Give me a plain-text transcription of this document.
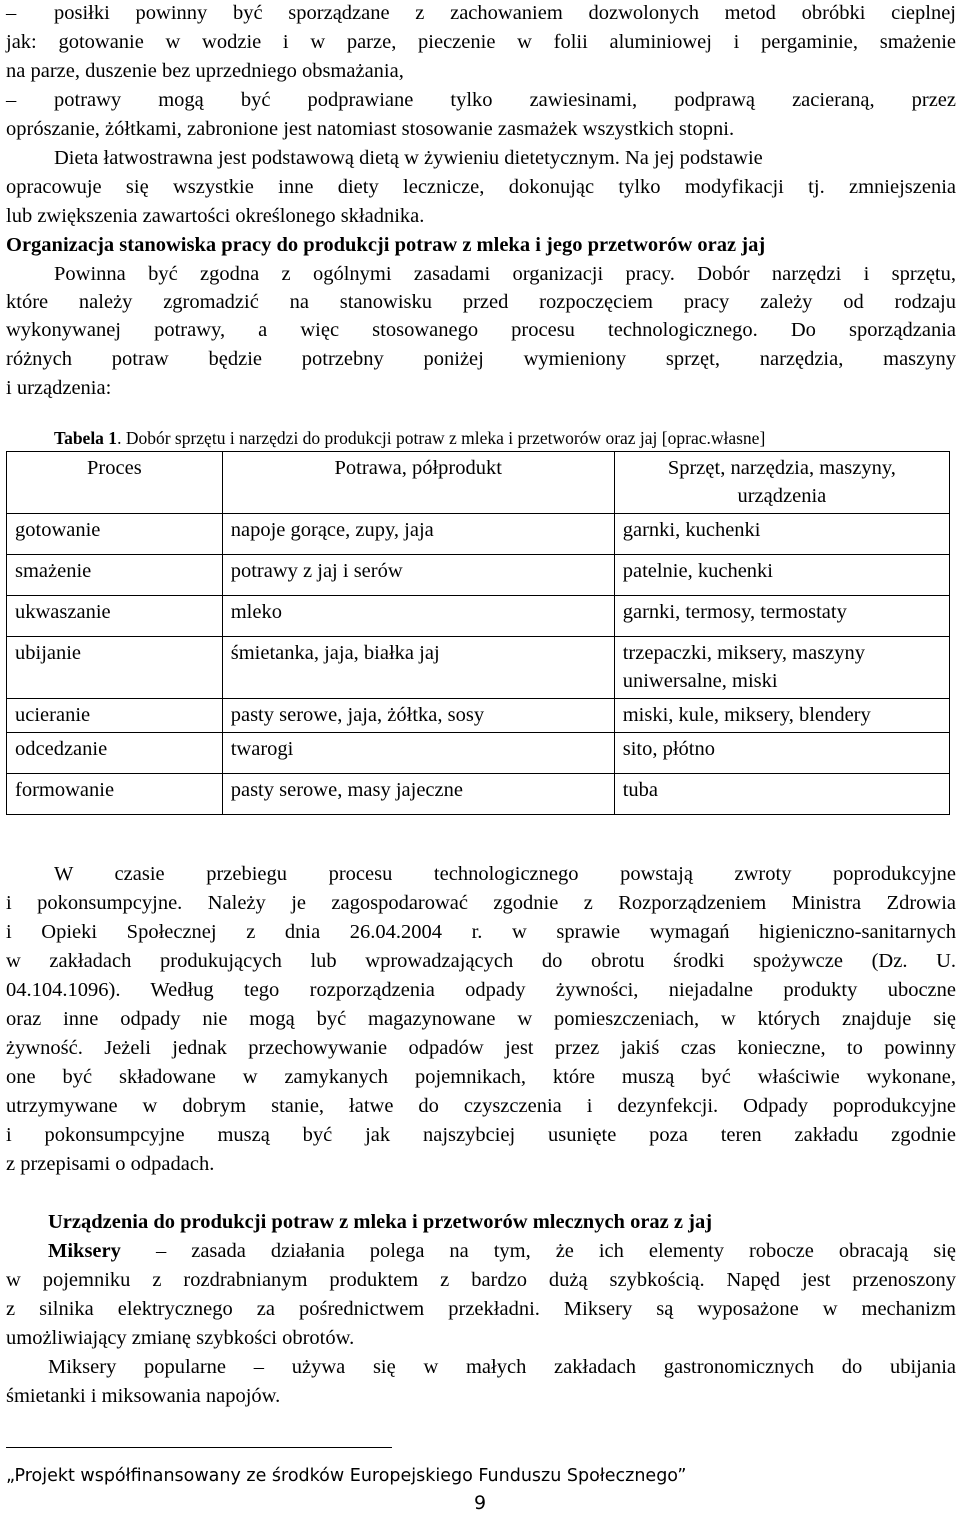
– posiłki powinny być sporządzane z zachowaniem dozwolonych metod obróbki cieplnej
jak: gotowanie w wodzie i w parze, pieczenie w folii aluminiowej i pergaminie, smażenie
na parze, duszenie bez uprzedniego obsmażania,
– potrawy mogą być podprawiane tylko zawiesinami, podprawą zacieraną, przez
oprószanie, żółtkami, zabronione jest natomiast stosowanie zasmażek wszystkich stopni.
Dieta łatwostrawna jest podstawową dietą w żywieniu dietetycznym. Na jej podstawie
opracowuje się wszystkie inne diety lecznicze, dokonując tylko modyfikacji tj. zmniejszenia
lub zwiększenia zawartości określonego składnika.
Organizacja stanowiska pracy do produkcji potraw z mleka i jego przetworów oraz jaj
Powinna być zgodna z ogólnymi zasadami organizacji pracy. Dobór narzędzi i sprzętu,
które należy zgromadzić na stanowisku przed rozpoczęciem pracy zależy od rodzaju
wykonywanej potrawy, a więc stosowanego procesu technologicznego. Do sporządzania
różnych potraw będzie potrzebny poniżej wymieniony sprzęt, narzędzia, maszyny
i urządzenia:
Tabela 1. Dobór sprzętu i narzędzi do produkcji potraw z mleka i przetworów oraz jaj [oprac.własne]
Proces	Potrawa, półprodukt	Sprzęt, narzędzia, maszyny, urządzenia
gotowanie	napoje gorące, zupy, jaja	garnki, kuchenki
smażenie	potrawy z jaj i serów	patelnie, kuchenki
ukwaszanie	mleko	garnki, termosy, termostaty
ubijanie	śmietanka, jaja, białka jaj	trzepaczki, miksery, maszyny uniwersalne, miski
ucieranie	pasty serowe, jaja, żółtka, sosy	miski, kule, miksery, blendery
odcedzanie	twarogi	sito, płótno
formowanie	pasty serowe, masy jajeczne	tuba
W czasie przebiegu procesu technologicznego powstają zwroty poprodukcyjne
i pokonsumpcyjne. Należy je zagospodarować zgodnie z Rozporządzeniem Ministra Zdrowia
i Opieki Społecznej z dnia 26.04.2004 r. w sprawie wymagań higieniczno-sanitarnych
w zakładach produkujących lub wprowadzających do obrotu środki spożywcze (Dz. U.
04.104.1096). Według tego rozporządzenia odpady żywności, niejadalne produkty uboczne
oraz inne odpady nie mogą być magazynowane w pomieszczeniach, w których znajduje się
żywność. Jeżeli jednak przechowywanie odpadów jest przez jakiś czas konieczne, to powinny
one być składowane w zamykanych pojemnikach, które muszą być właściwie wykonane,
utrzymywane w dobrym stanie, łatwe do czyszczenia i dezynfekcji. Odpady poprodukcyjne
i pokonsumpcyjne muszą być jak najszybciej usunięte poza teren zakładu zgodnie
z przepisami o odpadach.
Urządzenia do produkcji potraw z mleka i przetworów mlecznych oraz z jaj
Miksery – zasada działania polega na tym, że ich elementy robocze obracają się
w pojemniku z rozdrabnianym produktem z bardzo dużą szybkością. Napęd jest przenoszony
z silnika elektrycznego za pośrednictwem przekładni. Miksery są wyposażone w mechanizm
umożliwiający zmianę szybkości obrotów.
Miksery popularne – używa się w małych zakładach gastronomicznych do ubijania
śmietanki i miksowania napojów.
„Projekt współfinansowany ze środków Europejskiego Funduszu Społecznego”
9
